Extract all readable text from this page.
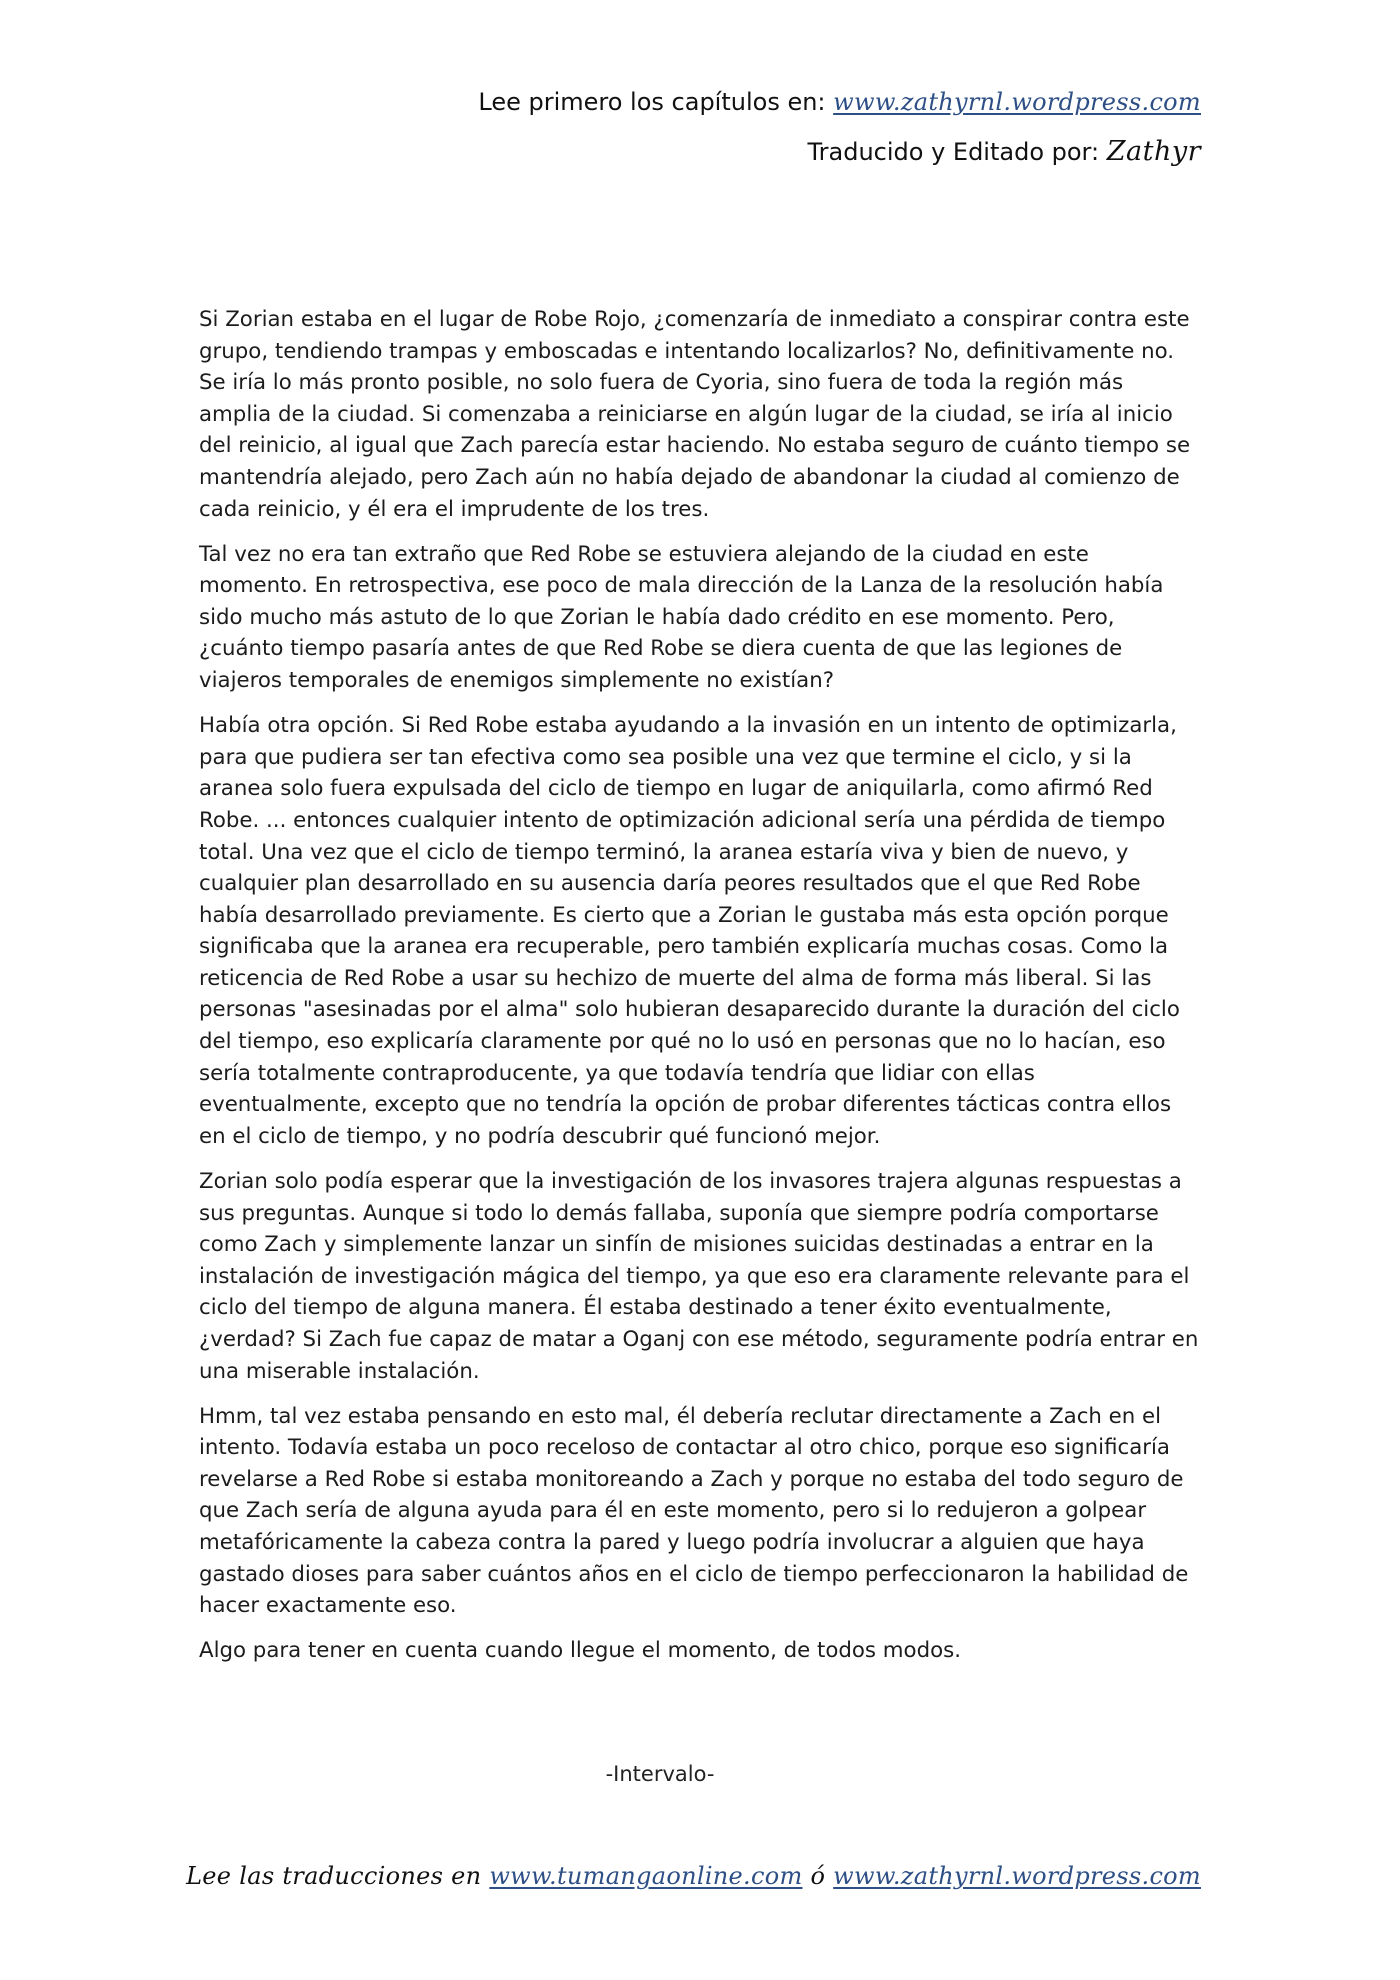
Lee primero los capítulos en: www.zathyrnl.wordpress.com
Traducido y Editado por: Zathyr

Si Zorian estaba en el lugar de Robe Rojo, ¿comenzaría de inmediato a conspirar contra este grupo, tendiendo trampas y emboscadas e intentando localizarlos? No, definitivamente no. Se iría lo más pronto posible, no solo fuera de Cyoria, sino fuera de toda la región más amplia de la ciudad. Si comenzaba a reiniciarse en algún lugar de la ciudad, se iría al inicio del reinicio, al igual que Zach parecía estar haciendo. No estaba seguro de cuánto tiempo se mantendría alejado, pero Zach aún no había dejado de abandonar la ciudad al comienzo de cada reinicio, y él era el imprudente de los tres.

Tal vez no era tan extraño que Red Robe se estuviera alejando de la ciudad en este momento. En retrospectiva, ese poco de mala dirección de la Lanza de la resolución había sido mucho más astuto de lo que Zorian le había dado crédito en ese momento. Pero, ¿cuánto tiempo pasaría antes de que Red Robe se diera cuenta de que las legiones de viajeros temporales de enemigos simplemente no existían?

Había otra opción. Si Red Robe estaba ayudando a la invasión en un intento de optimizarla, para que pudiera ser tan efectiva como sea posible una vez que termine el ciclo, y si la aranea solo fuera expulsada del ciclo de tiempo en lugar de aniquilarla, como afirmó Red Robe. ... entonces cualquier intento de optimización adicional sería una pérdida de tiempo total. Una vez que el ciclo de tiempo terminó, la aranea estaría viva y bien de nuevo, y cualquier plan desarrollado en su ausencia daría peores resultados que el que Red Robe había desarrollado previamente. Es cierto que a Zorian le gustaba más esta opción porque significaba que la aranea era recuperable, pero también explicaría muchas cosas. Como la reticencia de Red Robe a usar su hechizo de muerte del alma de forma más liberal. Si las personas "asesinadas por el alma" solo hubieran desaparecido durante la duración del ciclo del tiempo, eso explicaría claramente por qué no lo usó en personas que no lo hacían, eso sería totalmente contraproducente, ya que todavía tendría que lidiar con ellas eventualmente, excepto que no tendría la opción de probar diferentes tácticas contra ellos en el ciclo de tiempo, y no podría descubrir qué funcionó mejor.

Zorian solo podía esperar que la investigación de los invasores trajera algunas respuestas a sus preguntas. Aunque si todo lo demás fallaba, suponía que siempre podría comportarse como Zach y simplemente lanzar un sinfín de misiones suicidas destinadas a entrar en la instalación de investigación mágica del tiempo, ya que eso era claramente relevante para el ciclo del tiempo de alguna manera. Él estaba destinado a tener éxito eventualmente, ¿verdad? Si Zach fue capaz de matar a Oganj con ese método, seguramente podría entrar en una miserable instalación.

Hmm, tal vez estaba pensando en esto mal, él debería reclutar directamente a Zach en el intento. Todavía estaba un poco receloso de contactar al otro chico, porque eso significaría revelarse a Red Robe si estaba monitoreando a Zach y porque no estaba del todo seguro de que Zach sería de alguna ayuda para él en este momento, pero si lo redujeron a golpear metafóricamente la cabeza contra la pared y luego podría involucrar a alguien que haya gastado dioses para saber cuántos años en el ciclo de tiempo perfeccionaron la habilidad de hacer exactamente eso.

Algo para tener en cuenta cuando llegue el momento, de todos modos.

-Intervalo-
Lee las traducciones en www.tumangaonline.com ó www.zathyrnl.wordpress.com
